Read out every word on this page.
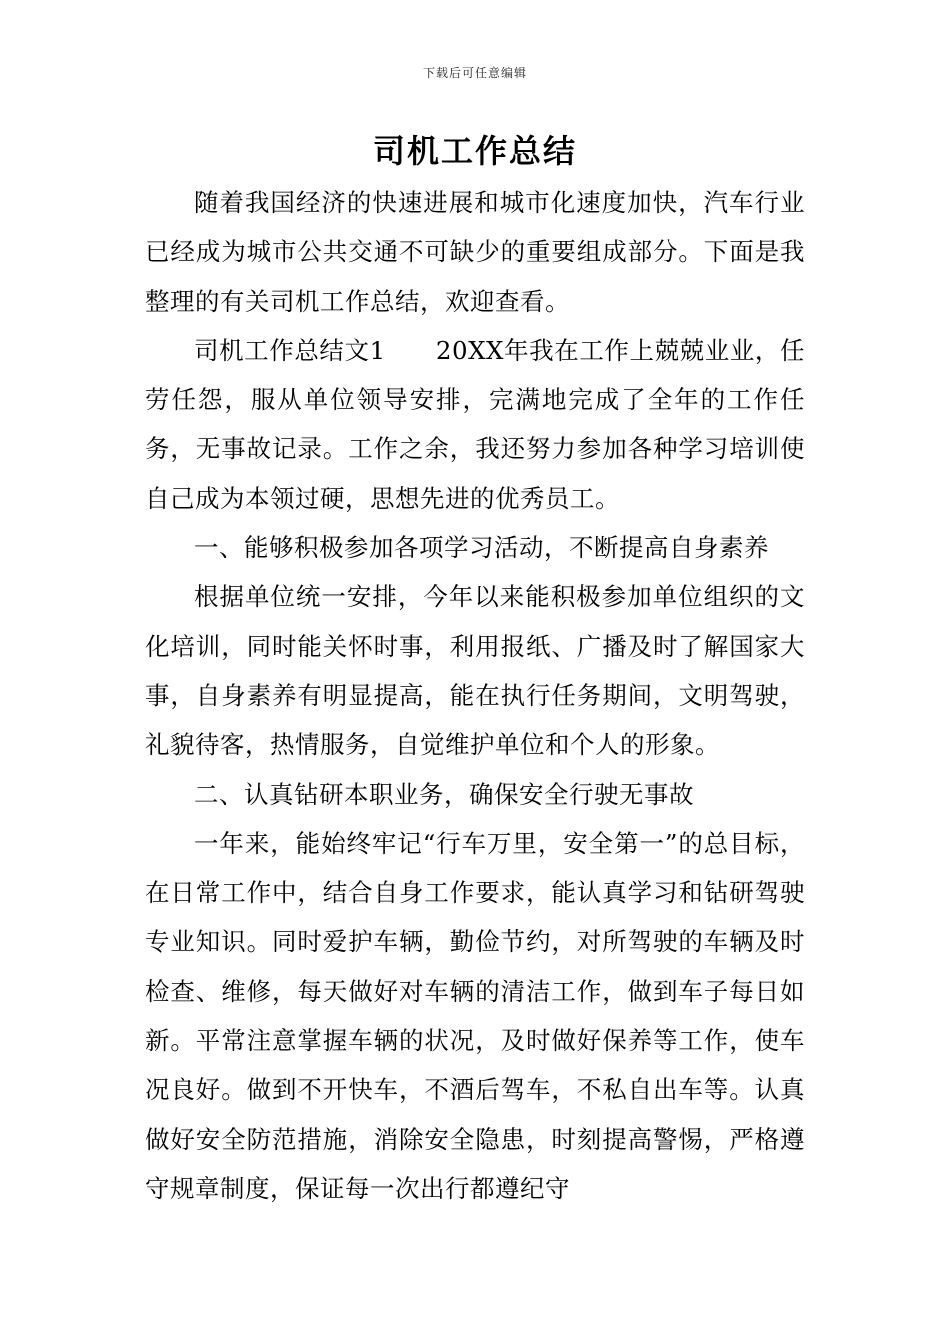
下载后可任意编辑
司机工作总结

随着我国经济的快速进展和城市化速度加快，汽车行业已经成为城市公共交通不可缺少的重要组成部分。下面是我整理的有关司机工作总结，欢迎查看。

司机工作总结文1　　20XX年我在工作上兢兢业业，任劳任怨，服从单位领导安排，完满地完成了全年的工作任务，无事故记录。工作之余，我还努力参加各种学习培训使自己成为本领过硬，思想先进的优秀员工。

一、能够积极参加各项学习活动，不断提高自身素养

根据单位统一安排，今年以来能积极参加单位组织的文化培训，同时能关怀时事，利用报纸、广播及时了解国家大事，自身素养有明显提高，能在执行任务期间，文明驾驶，礼貌待客，热情服务，自觉维护单位和个人的形象。

二、认真钻研本职业务，确保安全行驶无事故

一年来，能始终牢记“行车万里，安全第一”的总目标，在日常工作中，结合自身工作要求，能认真学习和钻研驾驶专业知识。同时爱护车辆，勤俭节约，对所驾驶的车辆及时检查、维修，每天做好对车辆的清洁工作，做到车子每日如新。平常注意掌握车辆的状况，及时做好保养等工作，使车况良好。做到不开快车，不酒后驾车，不私自出车等。认真做好安全防范措施，消除安全隐患，时刻提高警惕，严格遵守规章制度，保证每一次出行都遵纪守
